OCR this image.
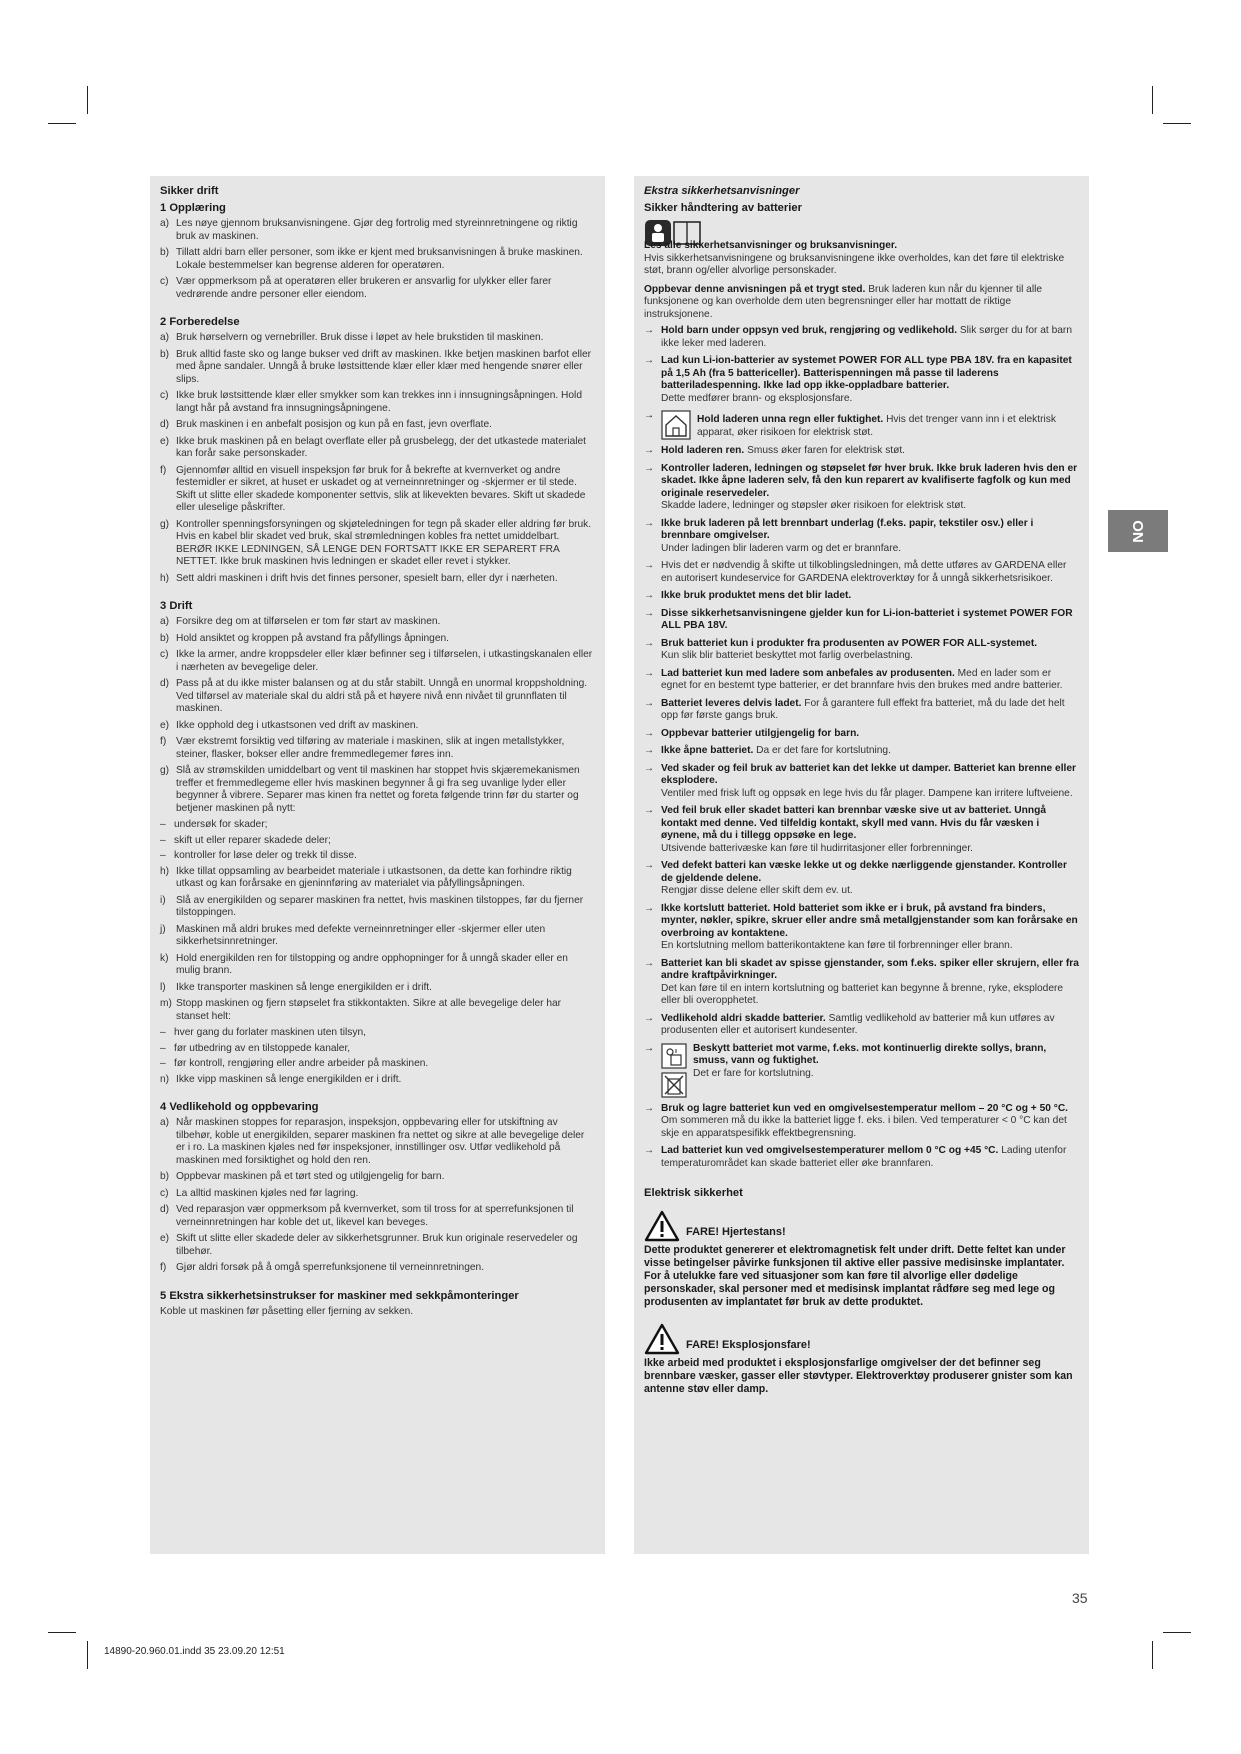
Sikker drift
1 Opplæring
a) Les nøye gjennom bruksanvisningene. Gjør deg fortrolig med styreinnretningene og riktig bruk av maskinen.
b) Tillatt aldri barn eller personer, som ikke er kjent med bruksanvisningen å bruke maskinen. Lokale bestemmelser kan begrense alderen for operatøren.
c) Vær oppmerksom på at operatøren eller brukeren er ansvarlig for ulykker eller farer vedrørende andre personer eller eiendom.
2 Forberedelse
a) Bruk hørselvern og vernebriller. Bruk disse i løpet av hele brukstiden til maskinen.
b) Bruk alltid faste sko og lange bukser ved drift av maskinen. Ikke betjen maskinen barfot eller med åpne sandaler. Unngå å bruke løstsittende klær eller klær med hengende snører eller slips.
c) Ikke bruk løstsittende klær eller smykker som kan trekkes inn i innsugningsåpningen. Hold langt hår på avstand fra innsugningsåpningene.
d) Bruk maskinen i en anbefalt posisjon og kun på en fast, jevn overflate.
e) Ikke bruk maskinen på en belagt overflate eller på grusbelegg, der det utkastede materialet kan forår sake personskader.
f) Gjennomfør alltid en visuell inspeksjon før bruk for å bekrefte at kvernverket og andre festemidler er sikret, at huset er uskadet og at verneinnretninger og -skjermer er til stede. Skift ut slitte eller skadede komponenter settvis, slik at likevekten bevares. Skift ut skadede eller uleselige påskrifter.
g) Kontroller spenningsforsyningen og skjøteledningen for tegn på skader eller aldring før bruk. Hvis en kabel blir skadet ved bruk, skal strømledningen kobles fra nettet umiddelbart. BERØR IKKE LEDNINGEN, SÅ LENGE DEN FORTSATT IKKE ER SEPARERT FRA NETTET. Ikke bruk maskinen hvis ledningen er skadet eller revet i stykker.
h) Sett aldri maskinen i drift hvis det finnes personer, spesielt barn, eller dyr i nærheten.
3 Drift
a) Forsikre deg om at tilførselen er tom før start av maskinen.
b) Hold ansiktet og kroppen på avstand fra påfyllings åpningen.
c) Ikke la armer, andre kroppsdeler eller klær befinner seg i tilførselen, i utkastingskanalen eller i nærheten av bevegelige deler.
d) Pass på at du ikke mister balansen og at du står stabilt. Unngå en unormal kroppsholdning. Ved tilførsel av materiale skal du aldri stå på et høyere nivå enn nivået til grunnflaten til maskinen.
e) Ikke opphold deg i utkastsonen ved drift av maskinen.
f) Vær ekstremt forsiktig ved tilføring av materiale i maskinen, slik at ingen metallstykker, steiner, flasker, bokser eller andre fremmedlegemer føres inn.
g) Slå av strømskilden umiddelbart og vent til maskinen har stoppet hvis skjæremekanismen treffer et fremmedlegeme eller hvis maskinen begynner å gi fra seg uvanlige lyder eller begynner å vibrere. Separer mas kinen fra nettet og foreta følgende trinn før du starter og betjener maskinen på nytt:
– undersøk for skader;
– skift ut eller reparer skadede deler;
– kontroller for løse deler og trekk til disse.
h) Ikke tillat oppsamling av bearbeidet materiale i utkastsonen, da dette kan forhindre riktig utkast og kan forårsake en gjeninnføring av materialet via påfyllingsåpningen.
i) Slå av energikilden og separer maskinen fra nettet, hvis maskinen tilstoppes, før du fjerner tilstoppingen.
j) Maskinen må aldri brukes med defekte verneinnretninger eller -skjermer eller uten sikkerhetsinnretninger.
k) Hold energikilden ren for tilstopping og andre opphopninger for å unngå skader eller en mulig brann.
l) Ikke transporter maskinen så lenge energikilden er i drift.
m) Stopp maskinen og fjern støpselet fra stikkontakten. Sikre at alle bevegelige deler har stanset helt:
– hver gang du forlater maskinen uten tilsyn,
– før utbedring av en tilstoppede kanaler,
– før kontroll, rengjøring eller andre arbeider på maskinen.
n) Ikke vipp maskinen så lenge energikilden er i drift.
4 Vedlikehold og oppbevaring
a) Når maskinen stoppes for reparasjon, inspeksjon, oppbevaring eller for utskiftning av tilbehør, koble ut energikilden, separer maskinen fra nettet og sikre at alle bevegelige deler er i ro. La maskinen kjøles ned før inspeksjoner, innstillinger osv. Utfør vedlikehold på maskinen med forsiktighet og hold den ren.
b) Oppbevar maskinen på et tørt sted og utilgjengelig for barn.
c) La alltid maskinen kjøles ned før lagring.
d) Ved reparasjon vær oppmerksom på kvernverket, som til tross for at sperrefunksjonen til verneinnretningen har koble det ut, likevel kan beveges.
e) Skift ut slitte eller skadede deler av sikkerhetsgrunner. Bruk kun originale reservedeler og tilbehør.
f) Gjør aldri forsøk på å omgå sperrefunksjonene til verneinnretningen.
5 Ekstra sikkerhetsinstrukser for maskiner med sekkpåmonteringer
Koble ut maskinen før påsetting eller fjerning av sekken.
Ekstra sikkerhetsanvisninger
Sikker håndtering av batterier
Les alle sikkerhetsanvisninger og bruksanvisninger.
Hvis sikkerhetsanvisningene og bruksanvisningene ikke overholdes, kan det føre til elektriske støt, brann og/eller alvorlige personskader.
Oppbevar denne anvisningen på et trygt sted. Bruk laderen kun når du kjenner til alle funksjonene og kan overholde dem uten begrensninger eller har mottatt de riktige instruksjonene.
→ Hold barn under oppsyn ved bruk, rengjøring og vedlikehold. Slik sørger du for at barn ikke leker med laderen.
→ Lad kun Li-ion-batterier av systemet POWER FOR ALL type PBA 18V. fra en kapasitet på 1,5 Ah (fra 5 battericeller). Batterispenningen må passe til laderens batteriladespenning. Ikke lad opp ikke-oppladbare batterier.
Dette medfører brann- og eksplosjonsfare.
→	Hold laderen unna regn eller fuktighet. Hvis det trenger vann inn i et elektrisk apparat, øker risikoen for elektrisk støt.
→ Hold laderen ren. Smuss øker faren for elektrisk støt.
→ Kontroller laderen, ledningen og støpselet før hver bruk. Ikke bruk laderen hvis den er skadet. Ikke åpne laderen selv, få den kun reparert av kvalifiserte fagfolk og kun med originale reservedeler.
Skadde ladere, ledninger og støpsler øker risikoen for elektrisk støt.
→ Ikke bruk laderen på lett brennbart underlag (f.eks. papir, tekstiler osv.) eller i brennbare omgivelser.
Under ladingen blir laderen varm og det er brannfare.
→ Hvis det er nødvendig å skifte ut tilkoblingsledningen, må dette utføres av GARDENA eller en autorisert kundeservice for GARDENA elektroverktøy for å unngå sikkerhetsrisikoer.
→ Ikke bruk produktet mens det blir ladet.
→ Disse sikkerhetsanvisningene gjelder kun for Li-ion-batteriet i systemet POWER FOR ALL PBA 18V.
→ Bruk batteriet kun i produkter fra produsenten av POWER FOR ALL-systemet.
Kun slik blir batteriet beskyttet mot farlig overbelastning.
→ Lad batteriet kun med ladere som anbefales av produsenten. Med en lader som er egnet for en bestemt type batterier, er det brannfare hvis den brukes med andre batterier.
→ Batteriet leveres delvis ladet. For å garantere full effekt fra batteriet, må du lade det helt opp før første gangs bruk.
→ Oppbevar batterier utilgjengelig for barn.
→ Ikke åpne batteriet. Da er det fare for kortslutning.
→ Ved skader og feil bruk av batteriet kan det lekke ut damper. Batteriet kan brenne eller eksplodere.
Ventiler med frisk luft og oppsøk en lege hvis du får plager. Dampene kan irritere luftveiene.
→ Ved feil bruk eller skadet batteri kan brennbar væske sive ut av batteriet. Unngå kontakt med denne. Ved tilfeldig kontakt, skyll med vann. Hvis du får væsken i øynene, må du i tillegg oppsøke en lege.
Utsivende batterivæske kan føre til hudirritasjoner eller forbrenninger.
→ Ved defekt batteri kan væske lekke ut og dekke nærliggende gjenstander. Kontroller de gjeldende delene.
Rengjør disse delene eller skift dem ev. ut.
→ Ikke kortslutt batteriet. Hold batteriet som ikke er i bruk, på avstand fra binders, mynter, nøkler, spikre, skruer eller andre små metallgjenstander som kan forårsake en overbroing av kontaktene.
En kortslutning mellom batterikontaktene kan føre til forbrenninger eller brann.
→ Batteriet kan bli skadet av spisse gjenstander, som f.eks. spiker eller skrujern, eller fra andre kraftpåvirkninger.
Det kan føre til en intern kortslutning og batteriet kan begynne å brenne, ryke, eksplodere eller bli overopphetet.
→ Vedlikehold aldri skadde batterier. Samtlig vedlikehold av batterier må kun utføres av produsenten eller et autorisert kundesenter.
→	Beskytt batteriet mot varme, f.eks. mot kontinuerlig direkte sollys, brann, smuss, vann og fuktighet.
Det er fare for kortslutning.
→ Bruk og lagre batteriet kun ved en omgivelsestemperatur mellom – 20 °C og + 50 °C.
Om sommeren må du ikke la batteriet ligge f. eks. i bilen. Ved temperaturer < 0 °C kan det skje en apparatspesifikk effektbegrensning.
→ Lad batteriet kun ved omgivelsestemperaturer mellom 0 °C og +45 °C. Lading utenfor temperaturområdet kan skade batteriet eller øke brannfaren.
Elektrisk sikkerhet
FARE! Hjertestans!
Dette produktet genererer et elektromagnetisk felt under drift. Dette feltet kan under visse betingelser påvirke funksjonen til aktive eller passive medisinske implantater. For å utelukke fare ved situasjoner som kan føre til alvorlige eller dødelige personskader, skal personer med et medisinsk implantat rådføre seg med lege og produsenten av implantatet før bruk av dette produktet.
FARE! Eksplosjonsfare!
Ikke arbeid med produktet i eksplosjonsfarlige omgivelser der det befinner seg brennbare væsker, gasser eller støvtyper. Elektroverktøy produserer gnister som kan antenne støv eller damp.
NO
35
14890-20.960.01.indd 35 23.09.20 12:51
